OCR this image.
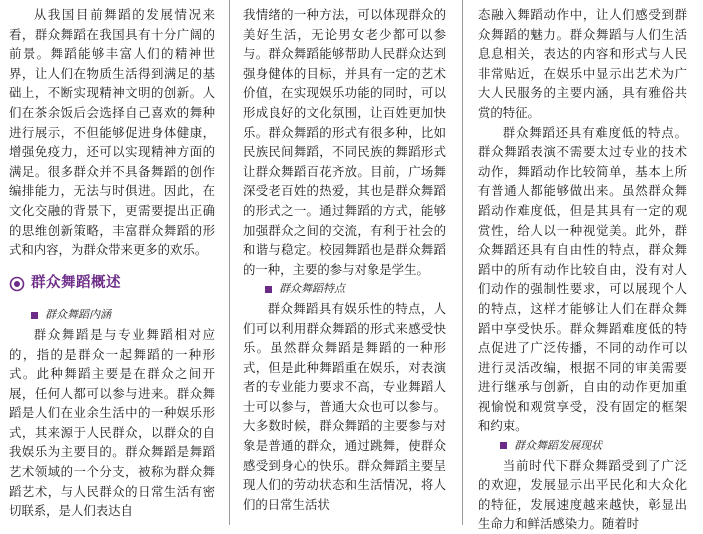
从我国目前舞蹈的发展情况来看，群众舞蹈在我国具有十分广阔的前景。舞蹈能够丰富人们的精神世界，让人们在物质生活得到满足的基础上，不断实现精神文明的创新。人们在茶余饭后会选择自己喜欢的舞种进行展示，不但能够促进身体健康，增强免疫力，还可以实现精神方面的满足。很多群众并不具备舞蹈的创作编排能力，无法与时俱进。因此，在文化交融的背景下，更需要提出正确的思维创新策略，丰富群众舞蹈的形式和内容，为群众带来更多的欢乐。

群众舞蹈概述
群众舞蹈内涵

群众舞蹈是与专业舞蹈相对应的，指的是群众一起舞蹈的一种形式。此种舞蹈主要是在群众之间开展，任何人都可以参与进来。群众舞蹈是人们在业余生活中的一种娱乐形式，其来源于人民群众，以群众的自我娱乐为主要目的。群众舞蹈是舞蹈艺术领域的一个分支，被称为群众舞蹈艺术，与人民群众的日常生活有密切联系，是人们表达自

我情绪的一种方法，可以体现群众的美好生活，无论男女老少都可以参与。群众舞蹈能够帮助人民群众达到强身健体的目标，并具有一定的艺术价值，在实现娱乐功能的同时，可以形成良好的文化氛围，让百姓更加快乐。群众舞蹈的形式有很多种，比如民族民间舞蹈，不同民族的舞蹈形式让群众舞蹈百花齐放。目前，广场舞深受老百姓的热爱，其也是群众舞蹈的形式之一。通过舞蹈的方式，能够加强群众之间的交流，有利于社会的和谐与稳定。校园舞蹈也是群众舞蹈的一种，主要的参与对象是学生。

群众舞蹈特点

群众舞蹈具有娱乐性的特点，人们可以利用群众舞蹈的形式来感受快乐。虽然群众舞蹈是舞蹈的一种形式，但是此种舞蹈重在娱乐，对表演者的专业能力要求不高，专业舞蹈人士可以参与，普通大众也可以参与。大多数时候，群众舞蹈的主要参与对象是普通的群众，通过跳舞，使群众感受到身心的快乐。群众舞蹈主要呈现人们的劳动状态和生活情况，将人们的日常生活状

态融入舞蹈动作中，让人们感受到群众舞蹈的魅力。群众舞蹈与人们生活息息相关，表达的内容和形式与人民非常贴近，在娱乐中显示出艺术为广大人民服务的主要内涵，具有雅俗共赏的特征。

群众舞蹈还具有难度低的特点。群众舞蹈表演不需要太过专业的技术动作，舞蹈动作比较简单，基本上所有普通人都能够做出来。虽然群众舞蹈动作难度低，但是其具有一定的观赏性，给人以一种视觉美。此外，群众舞蹈还具有自由性的特点，群众舞蹈中的所有动作比较自由，没有对人们动作的强制性要求，可以展现个人的特点，这样才能够让人们在群众舞蹈中享受快乐。群众舞蹈难度低的特点促进了广泛传播，不同的动作可以进行灵活改编，根据不同的审美需要进行继承与创新，自由的动作更加重视愉悦和观赏享受，没有固定的框架和约束。

群众舞蹈发展现状

当前时代下群众舞蹈受到了广泛的欢迎，发展显示出平民化和大众化的特征，发展速度越来越快，彰显出生命力和鲜活感染力。随着时
